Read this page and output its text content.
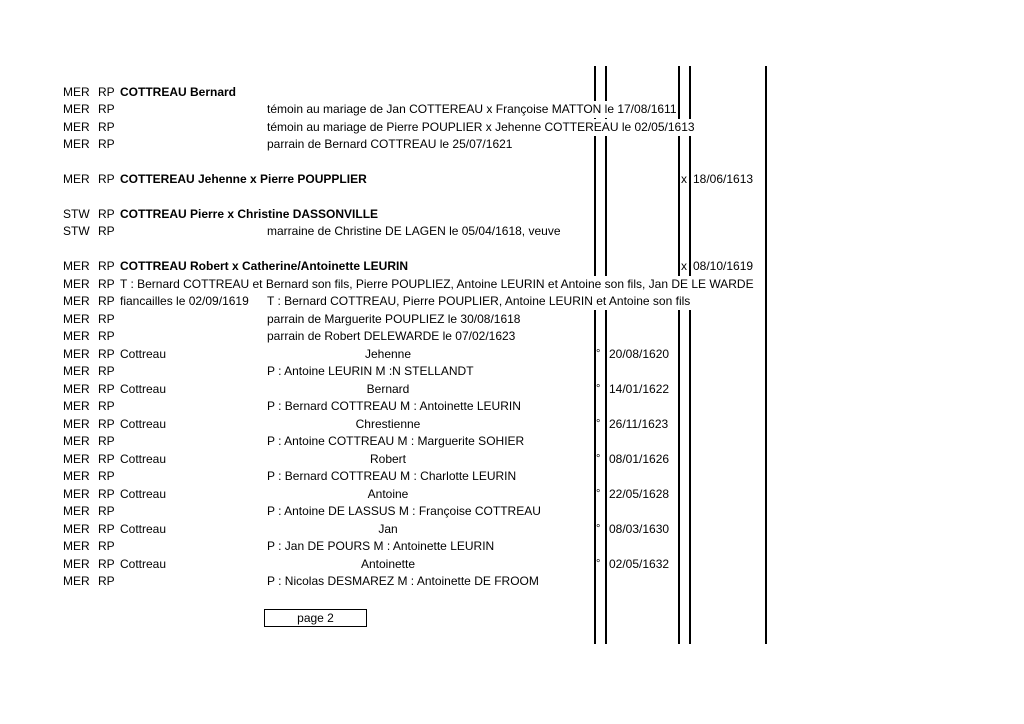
MER RP COTTREAU Bernard
MER RP	témoin au mariage de Jan COTTEREAU x Françoise MATTON le 17/08/1611
MER RP	témoin au mariage de Pierre POUPLIER x Jehenne COTTEREAU le 02/05/1613
MER RP	parrain de Bernard COTTREAU le 25/07/1621
MER RP COTTEREAU Jehenne x Pierre POUPPLIER	x 18/06/1613
STW RP COTTREAU Pierre x Christine DASSONVILLE
STW RP	marraine de Christine DE LAGEN le 05/04/1618, veuve
MER RP COTTREAU Robert x Catherine/Antoinette LEURIN	x 08/10/1619
MER RP T : Bernard COTTREAU et Bernard son fils, Pierre POUPLIEZ, Antoine LEURIN et Antoine son fils, Jan DE LE WARDE
MER RP fiancailles le 02/09/1619 T : Bernard COTTREAU, Pierre POUPLIER, Antoine LEURIN et Antoine son fils
MER RP	parrain de Marguerite POUPLIEZ le 30/08/1618
MER RP	parrain de Robert DELEWARDE le 07/02/1623
MER RP Cottreau	Jehenne	° 20/08/1620
MER RP	P : Antoine LEURIN M :N STELLANDT
MER RP Cottreau	Bernard	° 14/01/1622
MER RP	P : Bernard COTTREAU M : Antoinette LEURIN
MER RP Cottreau	Chrestienne	° 26/11/1623
MER RP	P : Antoine COTTREAU M : Marguerite SOHIER
MER RP Cottreau	Robert	° 08/01/1626
MER RP	P : Bernard COTTREAU M : Charlotte LEURIN
MER RP Cottreau	Antoine	° 22/05/1628
MER RP	P : Antoine DE LASSUS M : Françoise COTTREAU
MER RP Cottreau	Jan	° 08/03/1630
MER RP	P : Jan DE POURS M : Antoinette LEURIN
MER RP Cottreau	Antoinette	° 02/05/1632
MER RP	P : Nicolas DESMAREZ M : Antoinette DE FROOM
page 2
